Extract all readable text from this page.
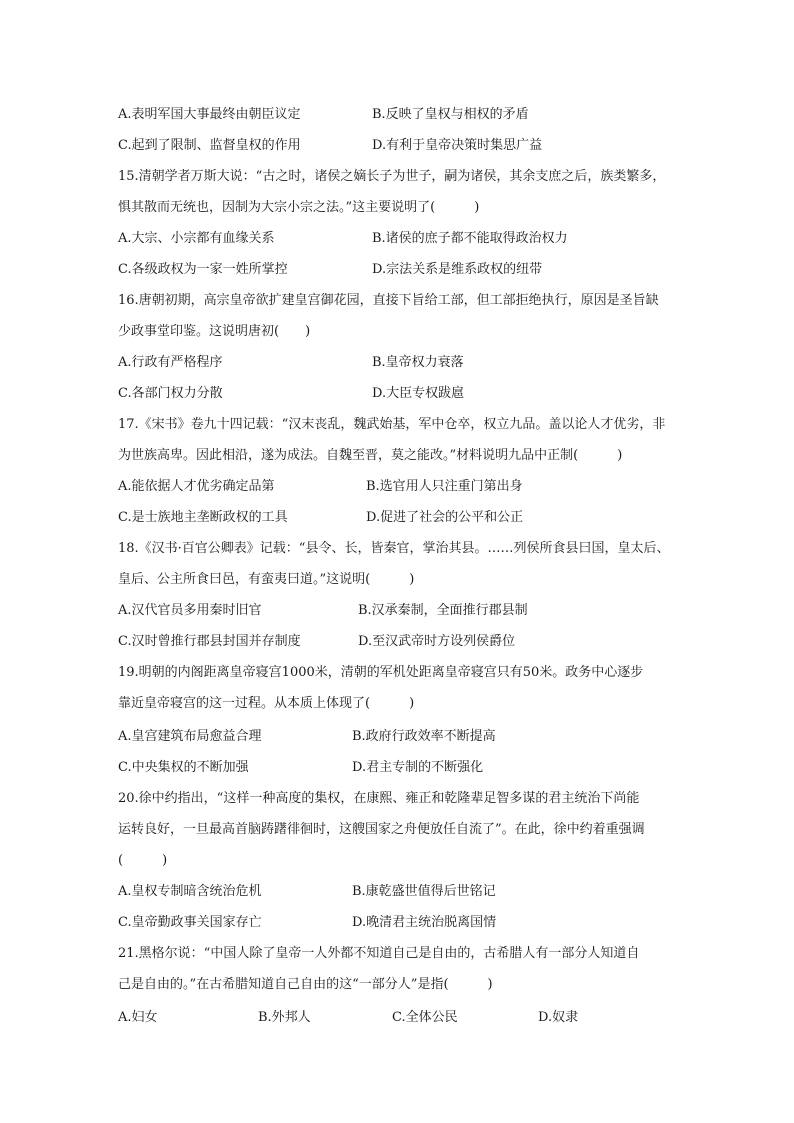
A.表明军国大事最终由朝臣议定	B.反映了皇权与相权的矛盾
C.起到了限制、监督皇权的作用	D.有利于皇帝决策时集思广益
15.清朝学者万斯大说：“古之时，诸侯之嫡长子为世子，嗣为诸侯，其余支庶之后，族类繁多，
惧其散而无统也，因制为大宗小宗之法。”这主要说明了(　　　)
A.大宗、小宗都有血缘关系	B.诸侯的庶子都不能取得政治权力
C.各级政权为一家一姓所掌控	D.宗法关系是维系政权的纽带
16.唐朝初期，高宗皇帝欲扩建皇宫御花园，直接下旨给工部，但工部拒绝执行，原因是圣旨缺
少政事堂印鉴。这说明唐初(　　)
A.行政有严格程序	B.皇帝权力衰落
C.各部门权力分散	D.大臣专权跋扈
17.《宋书》卷九十四记载：“汉末丧乱，魏武始基，军中仓卒，权立九品。盖以论人才优劣，非
为世族高卑。因此相沿，遂为成法。自魏至晋，莫之能改。”材料说明九品中正制(　　　)
A.能依据人才优劣确定品第	B.选官用人只注重门第出身
C.是士族地主垄断政权的工具	D.促进了社会的公平和公正
18.《汉书·百官公卿表》记载：“县令、长，皆秦官，掌治其县。……列侯所食县曰国，皇太后、
皇后、公主所食曰邑，有蛮夷曰道。”这说明(　　　)
A.汉代官员多用秦时旧官	B.汉承秦制，全面推行郡县制
C.汉时曾推行郡县封国并存制度	D.至汉武帝时方设列侯爵位
19.明朝的内阁距离皇帝寝宫1000米，清朝的军机处距离皇帝寝宫只有50米。政务中心逐步
靠近皇帝寝宫的这一过程。从本质上体现了(　　　)
A.皇宫建筑布局愈益合理	B.政府行政效率不断提高
C.中央集权的不断加强	D.君主专制的不断强化
20.徐中约指出，“这样一种高度的集权，在康熙、雍正和乾隆辈足智多谋的君主统治下尚能
运转良好，一旦最高首脑踌躇徘徊时，这艘国家之舟便放任自流了”。在此，徐中约着重强调
(　　　)
A.皇权专制暗含统治危机	B.康乾盛世值得后世铭记
C.皇帝勤政事关国家存亡	D.晚清君主统治脱离国情
21.黑格尔说：“中国人除了皇帝一人外都不知道自己是自由的，古希腊人有一部分人知道自
己是自由的。”在古希腊知道自己自由的这“一部分人”是指(　　　)
A.妇女	B.外邦人	C.全体公民	D.奴隶
